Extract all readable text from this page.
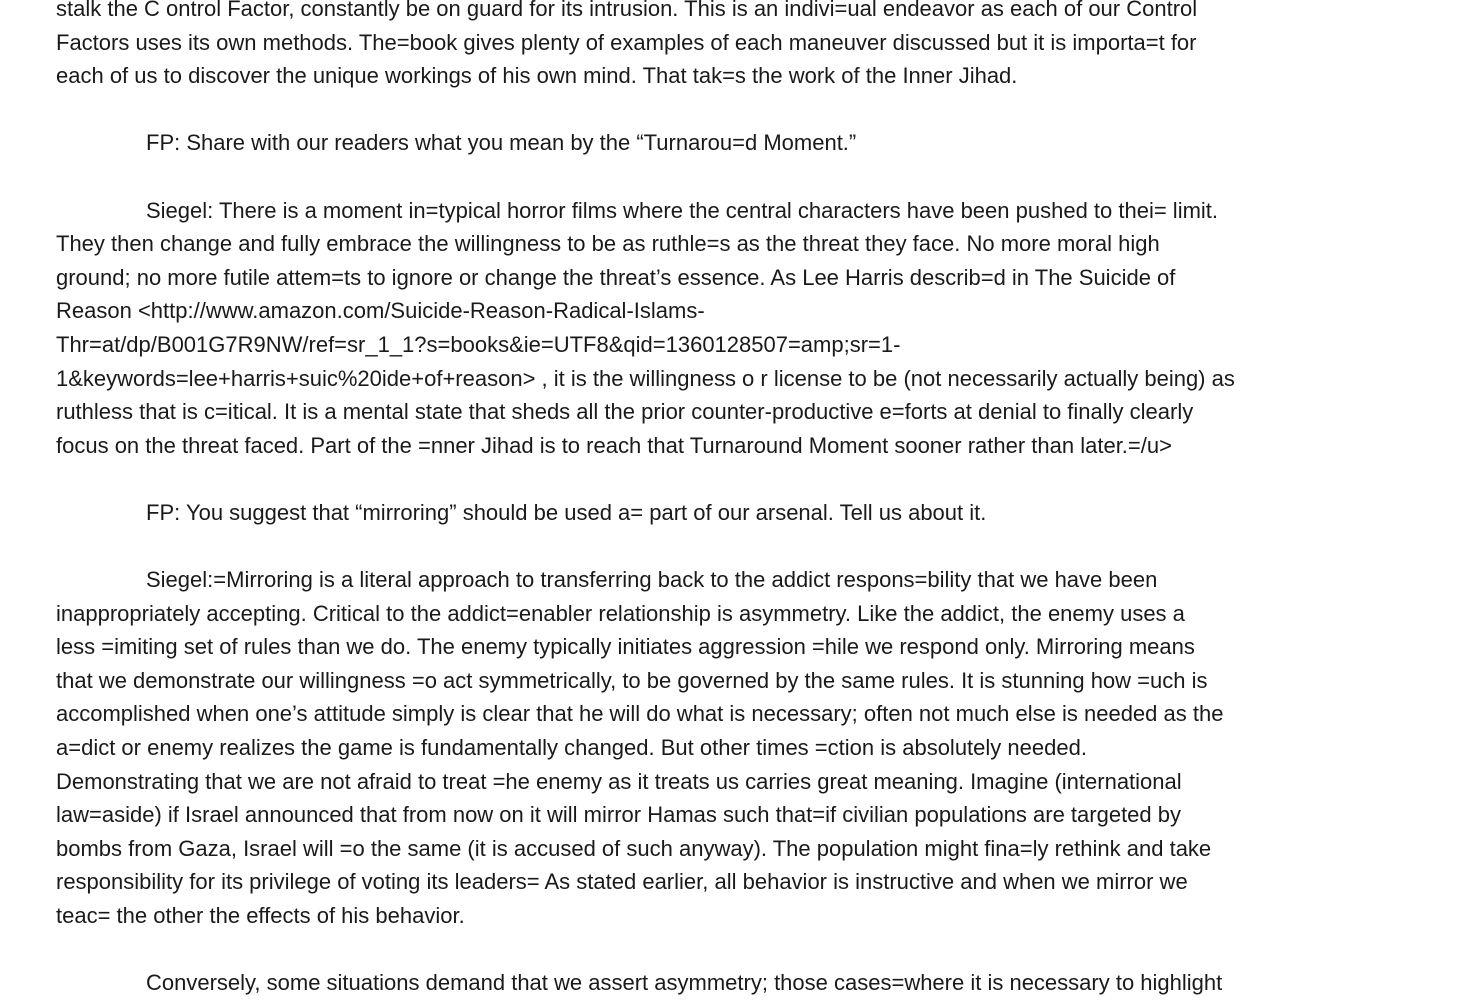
stalk the C ontrol Factor, constantly be on guard for its intrusion. This is an indivi=ual endeavor as each of our Control
Factors uses its own methods. The=book gives plenty of examples of each maneuver discussed but it is importa=t for
each of us to discover the unique workings of his own mind. That tak=s the work of the Inner Jihad.
FP: Share with our readers what you mean by the “Turnarou=d Moment.”
Siegel: There is a moment in=typical horror films where the central characters have been pushed to thei= limit.
They then change and fully embrace the willingness to be as ruthle=s as the threat they face. No more moral high
ground; no more futile attem=ts to ignore or change the threat’s essence. As Lee Harris describ=d in The Suicide of
Reason <http://www.amazon.com/Suicide-Reason-Radical-Islams-
Thr=at/dp/B001G7R9NW/ref=sr_1_1?s=books&ie=UTF8&qid=1360128507=amp;sr=1-
1&keywords=lee+harris+suic%20ide+of+reason> , it is the willingness o r license to be (not necessarily actually being) as
ruthless that is c=itical. It is a mental state that sheds all the prior counter-productive e=forts at denial to finally clearly
focus on the threat faced. Part of the =nner Jihad is to reach that Turnaround Moment sooner rather than later.=/u>
FP: You suggest that “mirroring” should be used a= part of our arsenal. Tell us about it.
Siegel:=Mirroring is a literal approach to transferring back to the addict respons=bility that we have been
inappropriately accepting. Critical to the addict=enabler relationship is asymmetry. Like the addict, the enemy uses a
less =imiting set of rules than we do. The enemy typically initiates aggression =hile we respond only. Mirroring means
that we demonstrate our willingness =o act symmetrically, to be governed by the same rules. It is stunning how =uch is
accomplished when one’s attitude simply is clear that he will do what is necessary; often not much else is needed as the
a=dict or enemy realizes the game is fundamentally changed. But other times =ction is absolutely needed.
Demonstrating that we are not afraid to treat =he enemy as it treats us carries great meaning. Imagine (international
law=aside) if Israel announced that from now on it will mirror Hamas such that=if civilian populations are targeted by
bombs from Gaza, Israel will =o the same (it is accused of such anyway). The population might fina=ly rethink and take
responsibility for its privilege of voting its leaders= As stated earlier, all behavior is instructive and when we mirror we
teac= the other the effects of his behavior.
Conversely, some situations demand that we assert asymmetry; those cases=where it is necessary to highlight
